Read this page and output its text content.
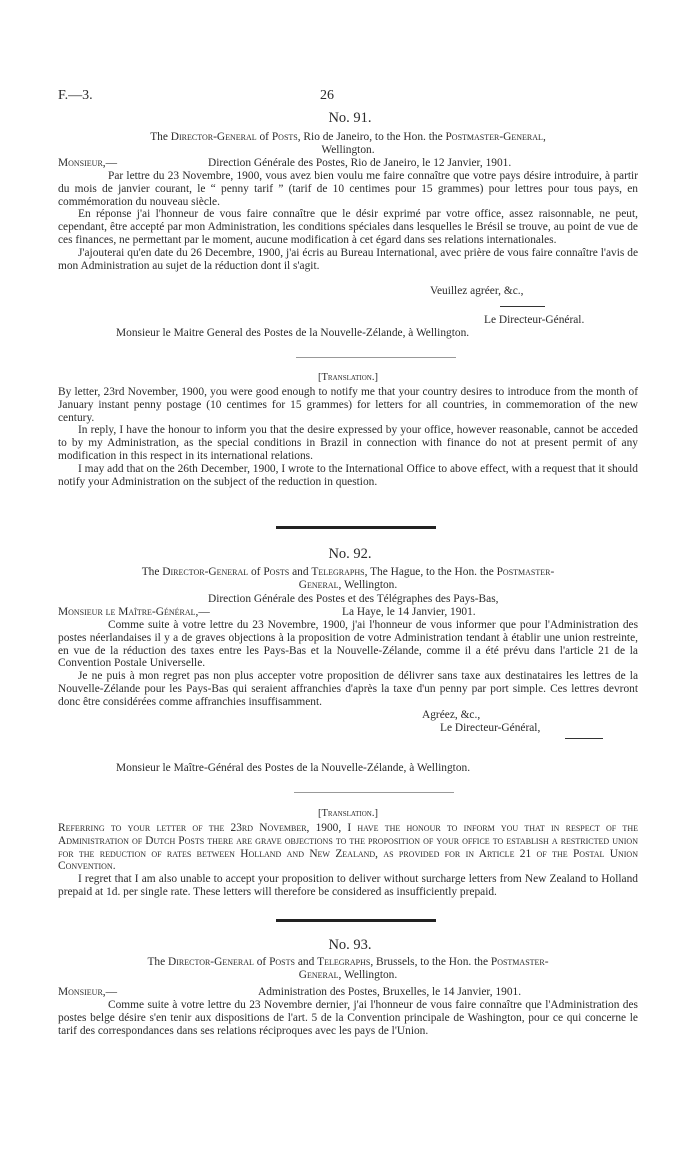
F.—3.	26
No. 91.
The Director-General of Posts, Rio de Janeiro, to the Hon. the Postmaster-General,
Wellington.
Monsieur,—	Direction Générale des Postes, Rio de Janeiro, le 12 Janvier, 1901.
Par lettre du 23 Novembre, 1900, vous avez bien voulu me faire connaître que votre pays désire introduire, à partir du mois de janvier courant, le “ penny tarif ” (tarif de 10 centimes pour 15 grammes) pour lettres pour tous pays, en commémoration du nouveau siècle.
En réponse j'ai l'honneur de vous faire connaître que le désir exprimé par votre office, assez raisonnable, ne peut, cependant, être accepté par mon Administration, les conditions spéciales dans lesquelles le Brésil se trouve, au point de vue de ces finances, ne permettant par le moment, aucune modification à cet égard dans ses relations internationales.
J'ajouterai qu'en date du 26 Decembre, 1900, j'ai écris au Bureau International, avec prière de vous faire connaître l'avis de mon Administration au sujet de la réduction dont il s'agit.
Veuillez agréer, &c.,
Le Directeur-Général.
Monsieur le Maitre General des Postes de la Nouvelle-Zélande, à Wellington.
[Translation.]
By letter, 23rd November, 1900, you were good enough to notify me that your country desires to introduce from the month of January instant penny postage (10 centimes for 15 grammes) for letters for all countries, in commemoration of the new century.
In reply, I have the honour to inform you that the desire expressed by your office, however reasonable, cannot be acceded to by my Administration, as the special conditions in Brazil in connection with finance do not at present permit of any modification in this respect in its international relations.
I may add that on the 26th December, 1900, I wrote to the International Office to above effect, with a request that it should notify your Administration on the subject of the reduction in question.
No. 92.
The Director-General of Posts and Telegraphs, The Hague, to the Hon. the Postmaster-
General, Wellington.
Direction Générale des Postes et des Télégraphes des Pays-Bas,
Monsieur le Maître-Général,—	La Haye, le 14 Janvier, 1901.
Comme suite à votre lettre du 23 Novembre, 1900, j'ai l'honneur de vous informer que pour l'Administration des postes néerlandaises il y a de graves objections à la proposition de votre Administration tendant à établir une union restreinte, en vue de la réduction des taxes entre les Pays-Bas et la Nouvelle-Zélande, comme il a été prévu dans l'article 21 de la Convention Postale Universelle.
Je ne puis à mon regret pas non plus accepter votre proposition de délivrer sans taxe aux destinataires les lettres de la Nouvelle-Zélande pour les Pays-Bas qui seraient affranchies d'après la taxe d'un penny par port simple. Ces lettres devront donc être considérées comme affranchies insuffisamment.
Agréez, &c.,
Le Directeur-Général,
Monsieur le Maître-Général des Postes de la Nouvelle-Zélande, à Wellington.
[Translation.]
Referring to your letter of the 23rd November, 1900, I have the honour to inform you that in respect of the Administration of Dutch Posts there are grave objections to the proposition of your office to establish a restricted union for the reduction of rates between Holland and New Zealand, as provided for in Article 21 of the Postal Union Convention.
I regret that I am also unable to accept your proposition to deliver without surcharge letters from New Zealand to Holland prepaid at 1d. per single rate. These letters will therefore be considered as insufficiently prepaid.
No. 93.
The Director-General of Posts and Telegraphs, Brussels, to the Hon. the Postmaster-
General, Wellington.
Monsieur,—	Administration des Postes, Bruxelles, le 14 Janvier, 1901.
Comme suite à votre lettre du 23 Novembre dernier, j'ai l'honneur de vous faire connaître que l'Administration des postes belge désire s'en tenir aux dispositions de l'art. 5 de la Convention principale de Washington, pour ce qui concerne le tarif des correspondances dans ses relations réciproques avec les pays de l'Union.
